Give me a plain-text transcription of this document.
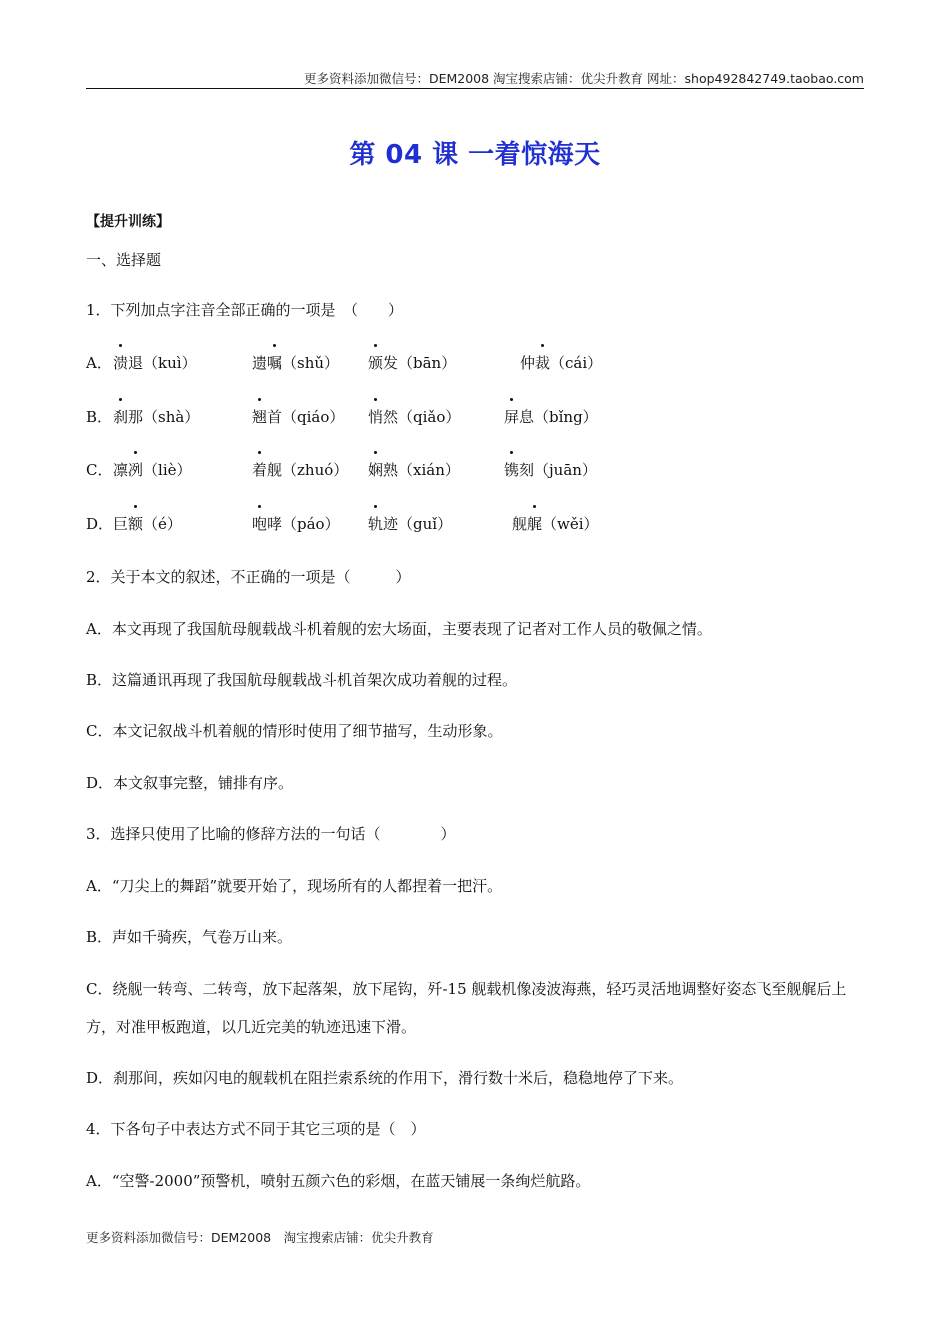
更多资料添加微信号：DEM2008 淘宝搜索店铺：优尖升教育 网址：shop492842749.taobao.com
第 04 课 一着惊海天
【提升训练】
一、选择题
1．下列加点字注音全部正确的一项是　（　　）
A． 溃退（kuì）	遗嘱（shǔ） 颁发（bān）	仲裁（cái）
B． 刹那（shà）	翘首（qiáo） 悄然（qiǎo）	屏息（bǐng）
C． 凛冽（liè）	着舰（zhuó） 娴熟（xián）	镌刻（juān）
D． 巨额（é）	咆哮（páo） 轨迹（guǐ）	舰艉（wěi）
2．关于本文的叙述，不正确的一项是（　　　）
A．本文再现了我国航母舰载战斗机着舰的宏大场面，主要表现了记者对工作人员的敬佩之情。
B．这篇通讯再现了我国航母舰载战斗机首架次成功着舰的过程。
C．本文记叙战斗机着舰的情形时使用了细节描写，生动形象。
D．本文叙事完整，铺排有序。
3．选择只使用了比喻的修辞方法的一句话（　　　　）
A．“刀尖上的舞蹈”就要开始了，现场所有的人都捏着一把汗。
B．声如千骑疾，气卷万山来。
C．绕舰一转弯、二转弯，放下起落架，放下尾钩，歼-15 舰载机像凌波海燕，轻巧灵活地调整好姿态飞至舰艉后上方，对准甲板跑道，以几近完美的轨迹迅速下滑。
D．刹那间，疾如闪电的舰载机在阻拦索系统的作用下，滑行数十米后，稳稳地停了下来。
4．下各句子中表达方式不同于其它三项的是（　）
A．“空警-2000”预警机，喷射五颜六色的彩烟，在蓝天铺展一条绚烂航路。
更多资料添加微信号：DEM2008　淘宝搜索店铺：优尖升教育
